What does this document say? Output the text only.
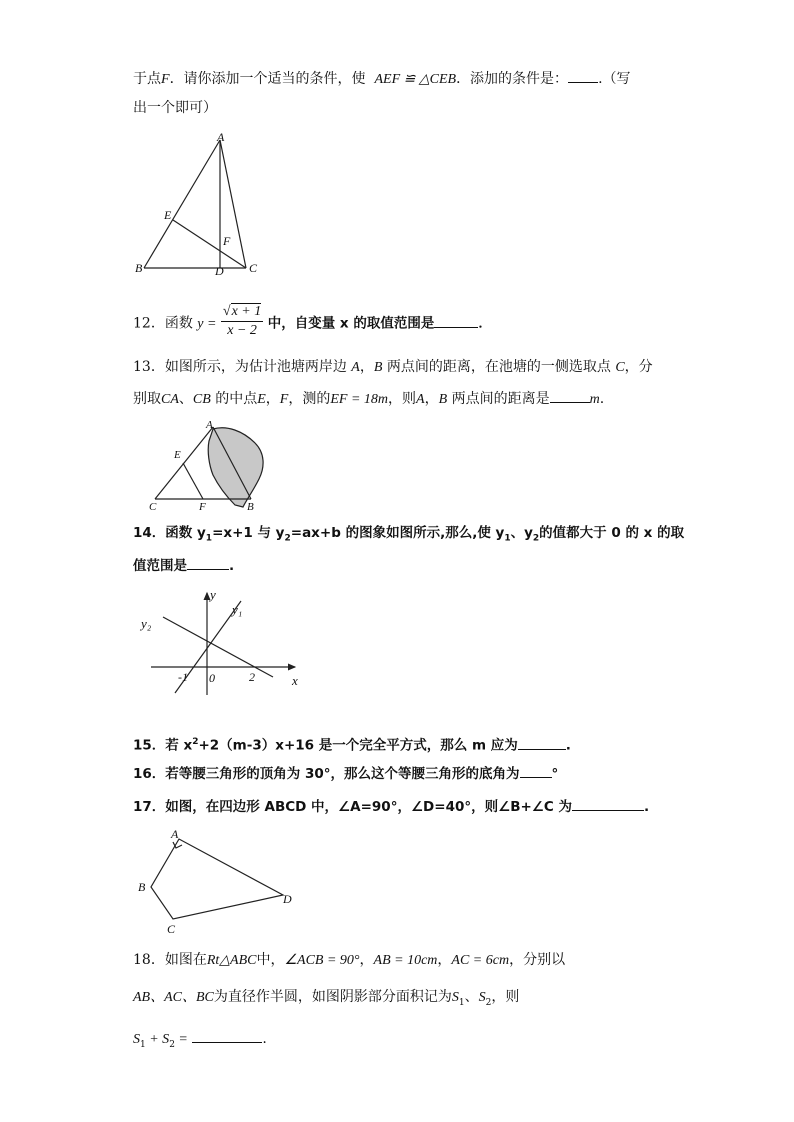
于点F．请你添加一个适当的条件，使 AEF ≌ △CEB．添加的条件是： .（写
出一个即可）
A
E
F
B	D C
12．函数 $y = \frac{√x + 1}{x - 2}$ 中，自变量 x 的取值范围是	．
13．如图所示，为估计池塘两岸边 A，B 两点间的距离，在池塘的一侧选取点 C，分
别取CA、CB 的中点E，F，测的EF = 18m，则A，B 两点间的距离是	m.
A
E
C	F	B
14．函数 $y_1=x+1$ 与 $y_2=ax+b$ 的图象如图所示,那么,使 $y_1$、$y_2$的值都大于 0 的 x 的取
值范围是	.
y
y₁
y₂
-1 0	2	x
15．若 $x^2+2(m-3)x+16$ 是一个完全平方式，那么 m 应为	.
16．若等腰三角形的顶角为 30°，那么这个等腰三角形的底角为 °
17．如图，在四边形 ABCD 中，∠A=90°，∠D=40°，则∠B+∠C 为	.
A
B
C
D
18．如图在Rt△ABC中，∠ACB = 90°，AB = 10cm，AC = 6cm，分别以
AB、AC、BC为直径作半圆，如图阴影部分面积记为$S_1$、$S_2$，则
$S_1 + S_2$ =	.
